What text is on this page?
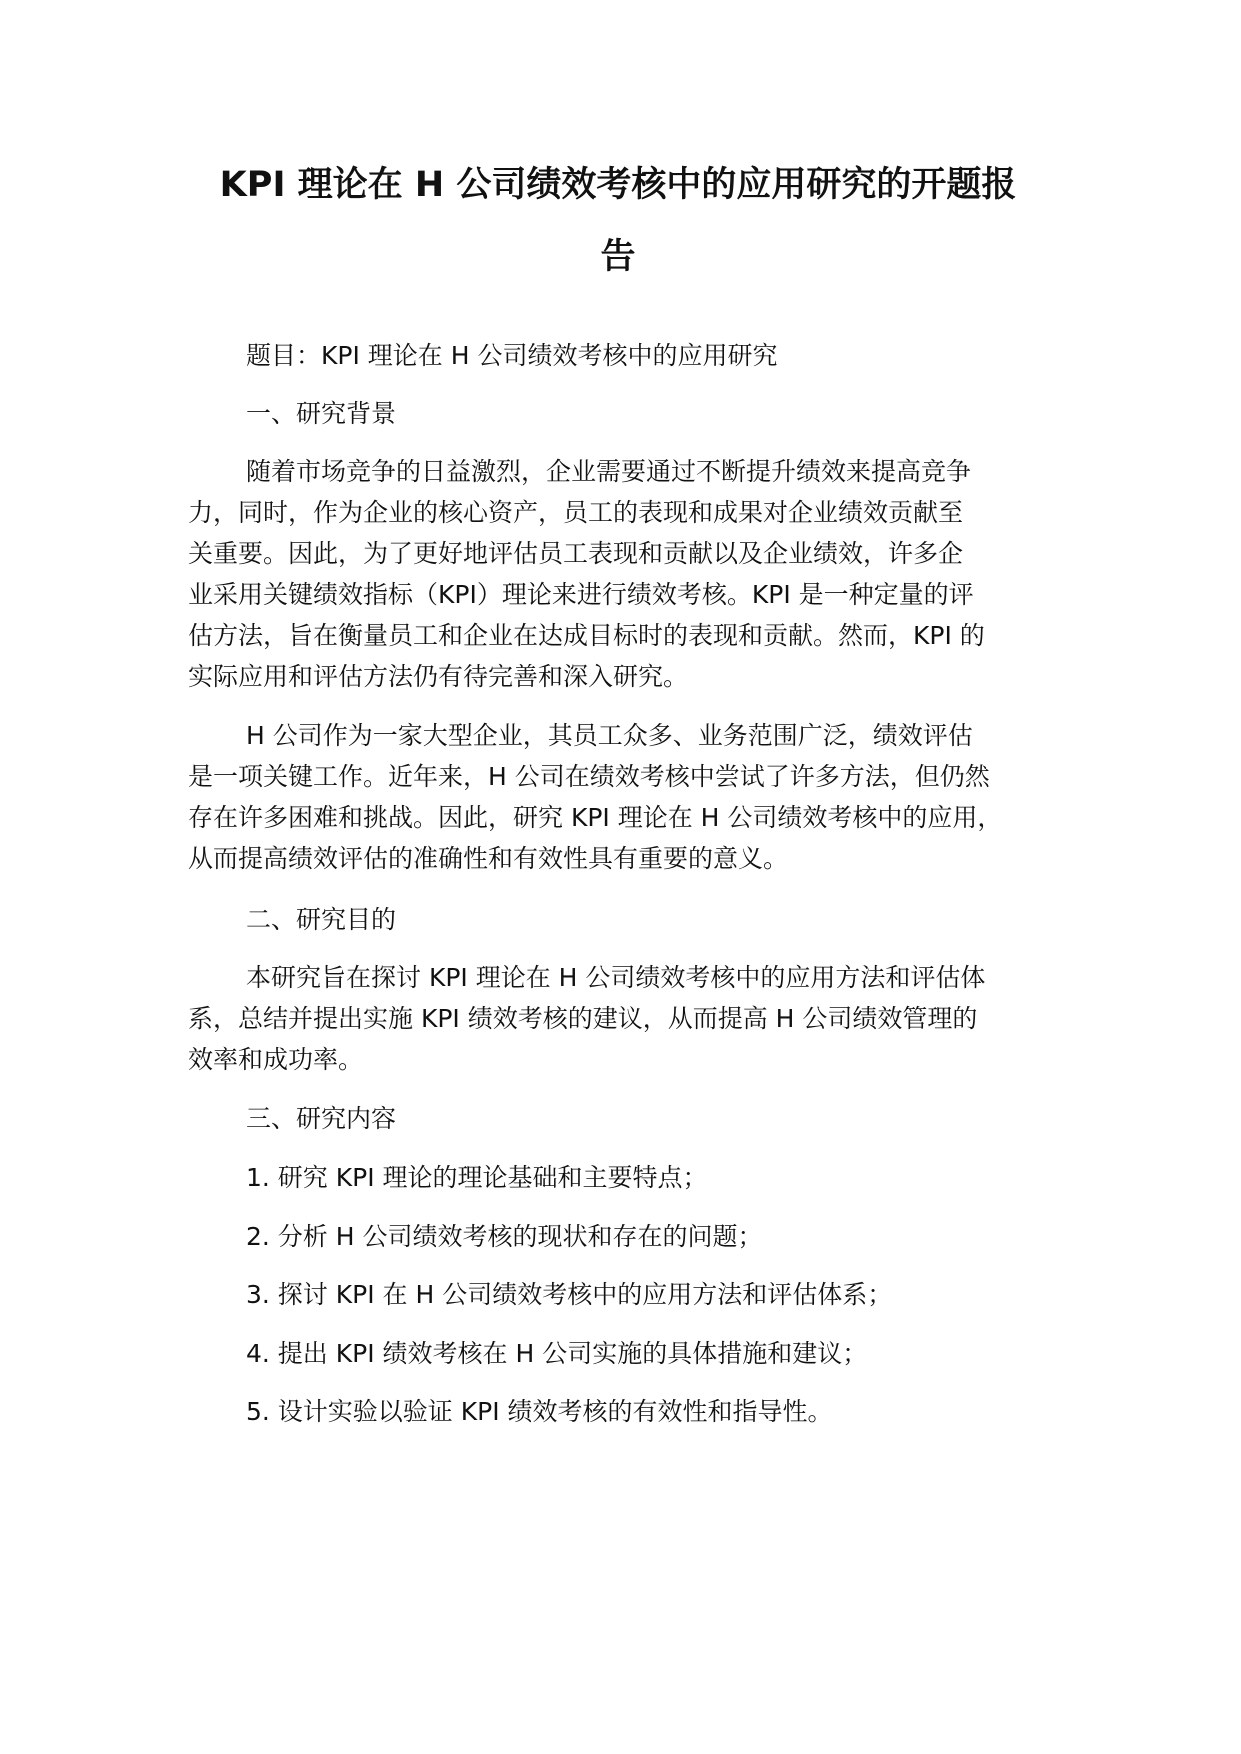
KPI 理论在 H 公司绩效考核中的应用研究的开题报
告
题目：KPI 理论在 H 公司绩效考核中的应用研究
一、研究背景
随着市场竞争的日益激烈，企业需要通过不断提升绩效来提高竞争
力，同时，作为企业的核心资产，员工的表现和成果对企业绩效贡献至
关重要。因此，为了更好地评估员工表现和贡献以及企业绩效，许多企
业采用关键绩效指标（KPI）理论来进行绩效考核。KPI 是一种定量的评
估方法，旨在衡量员工和企业在达成目标时的表现和贡献。然而，KPI 的
实际应用和评估方法仍有待完善和深入研究。
H 公司作为一家大型企业，其员工众多、业务范围广泛，绩效评估
是一项关键工作。近年来，H 公司在绩效考核中尝试了许多方法，但仍然
存在许多困难和挑战。因此，研究 KPI 理论在 H 公司绩效考核中的应用，
从而提高绩效评估的准确性和有效性具有重要的意义。
二、研究目的
本研究旨在探讨 KPI 理论在 H 公司绩效考核中的应用方法和评估体
系，总结并提出实施 KPI 绩效考核的建议，从而提高 H 公司绩效管理的
效率和成功率。
三、研究内容
1. 研究 KPI 理论的理论基础和主要特点；
2. 分析 H 公司绩效考核的现状和存在的问题；
3. 探讨 KPI 在 H 公司绩效考核中的应用方法和评估体系；
4. 提出 KPI 绩效考核在 H 公司实施的具体措施和建议；
5. 设计实验以验证 KPI 绩效考核的有效性和指导性。
